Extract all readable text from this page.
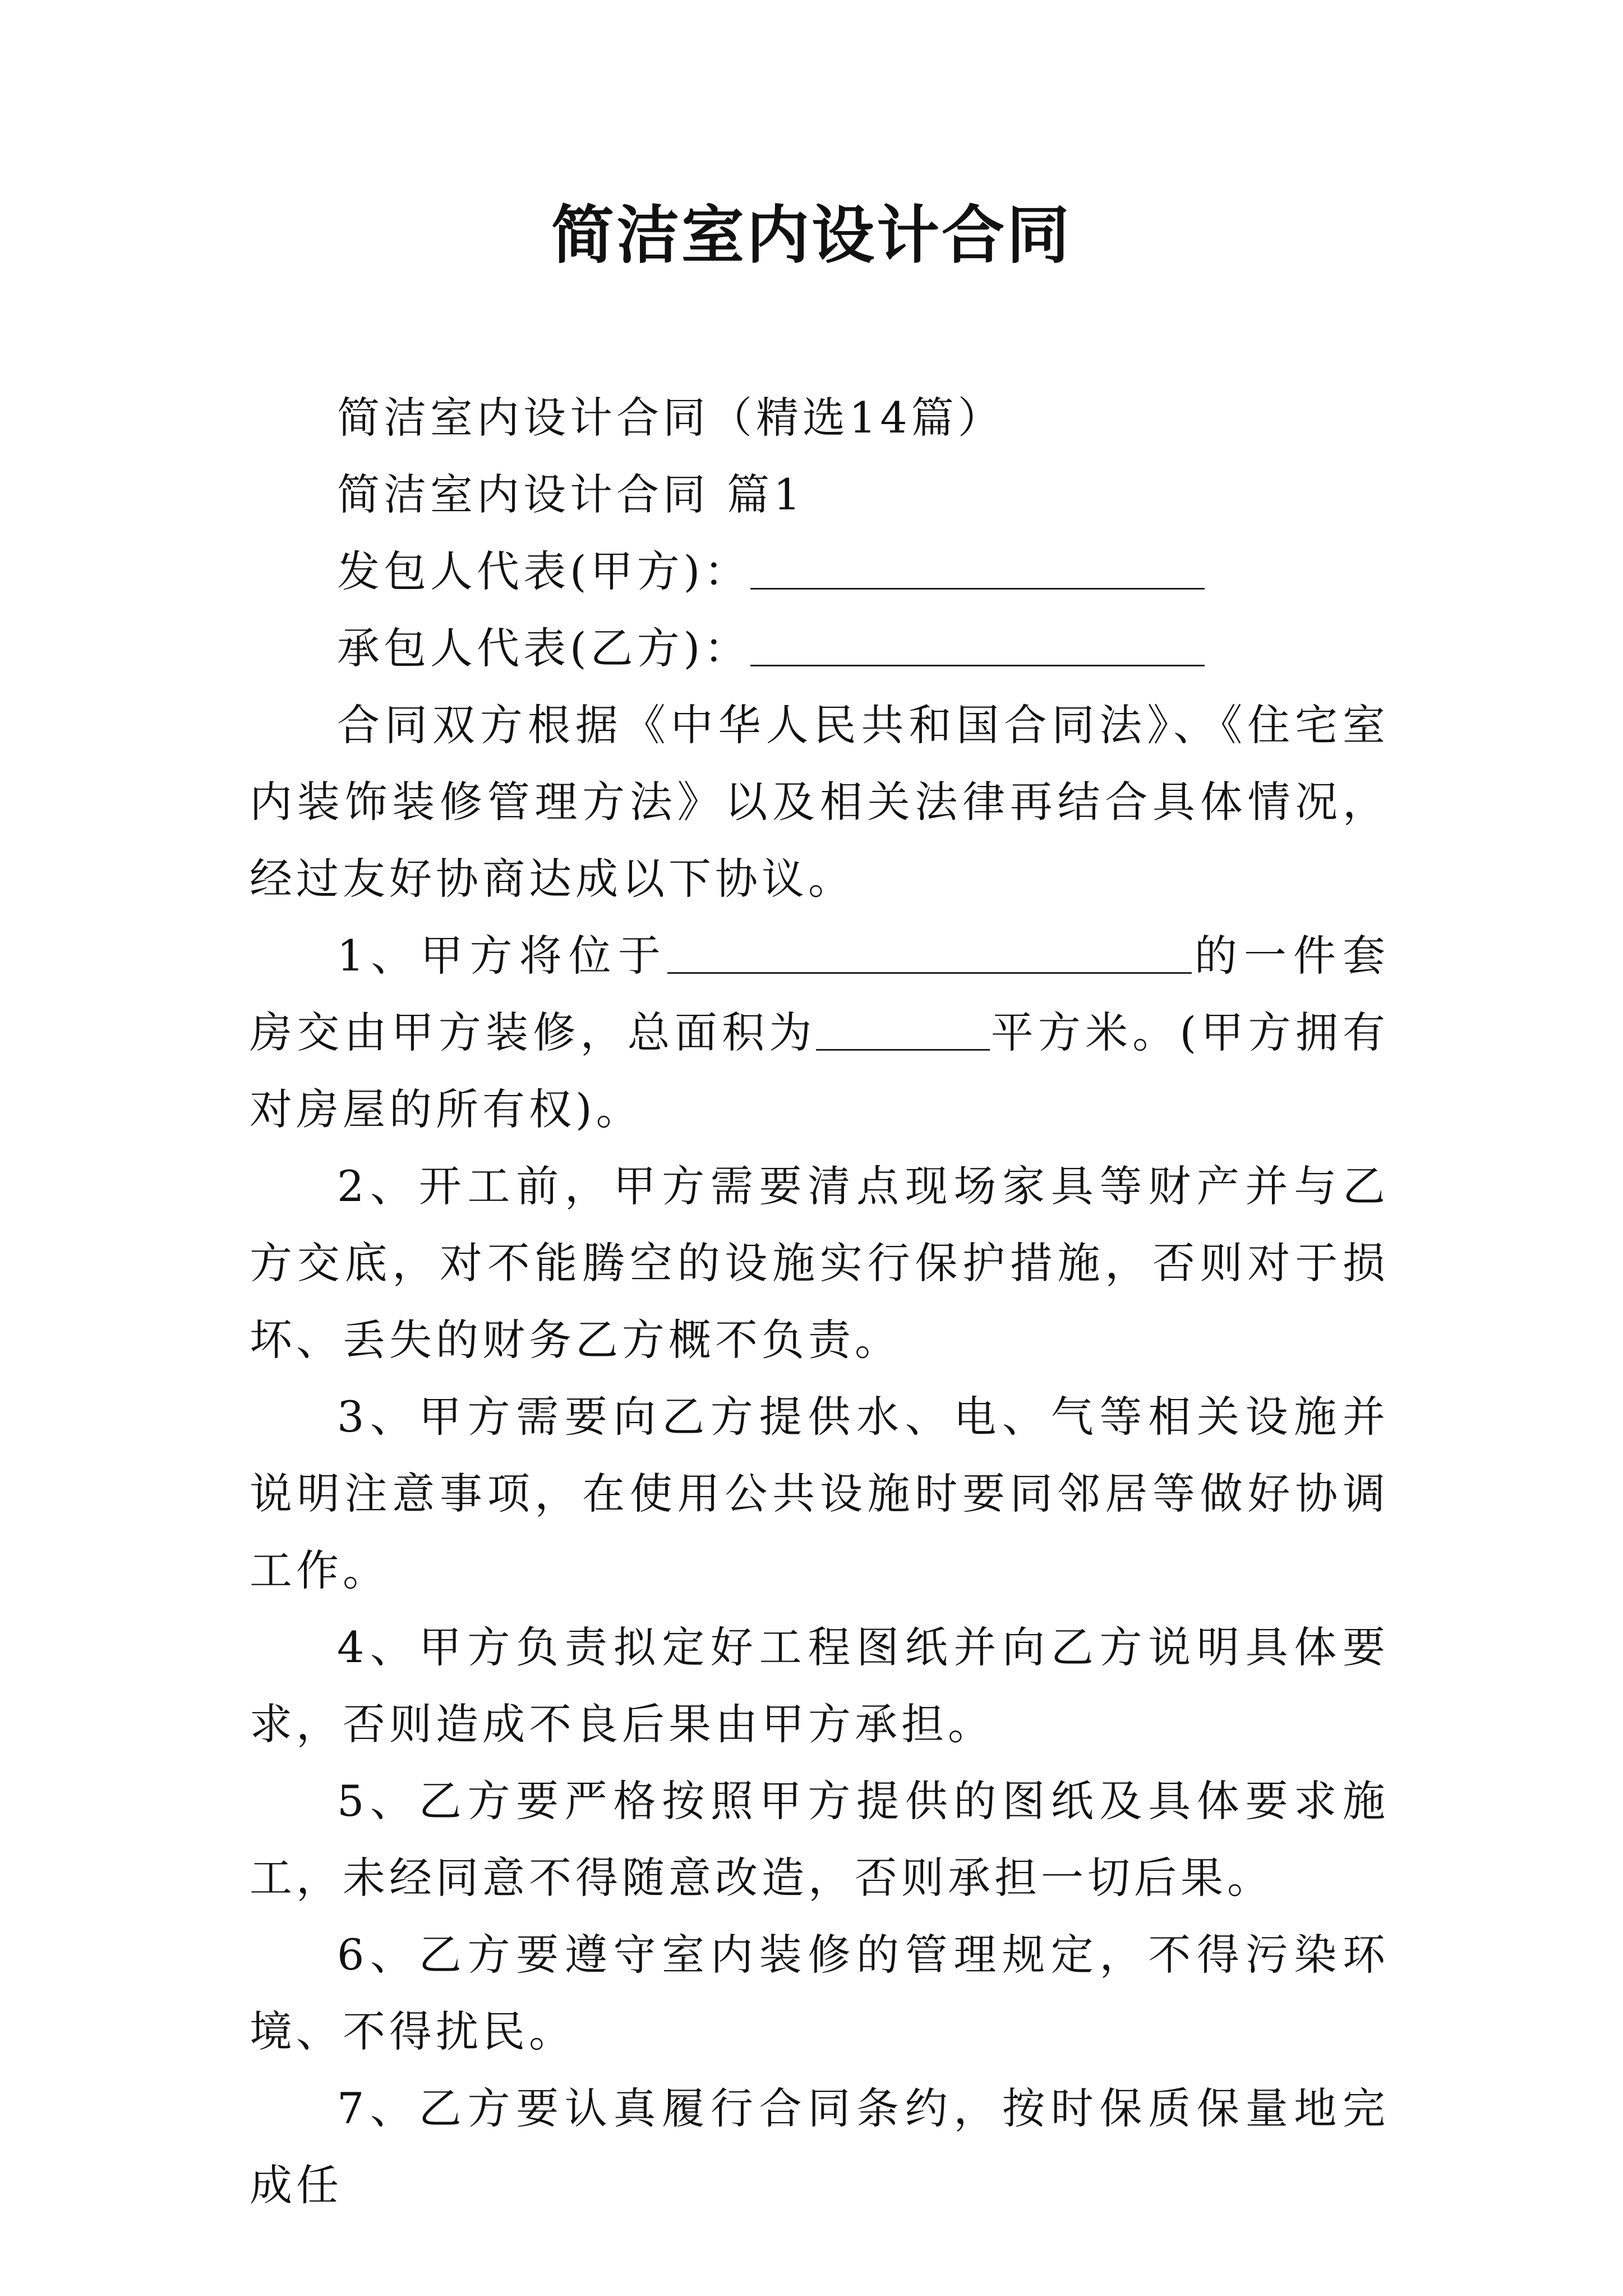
简洁室内设计合同

简洁室内设计合同（精选14篇）

简洁室内设计合同 篇1

发包人代表(甲方)：

承包人代表(乙方)：

合同双方根据《中华人民共和国合同法》、《住宅室内装饰装修管理方法》以及相关法律再结合具体情况，经过友好协商达成以下协议。

1、甲方将位于	的一件套房交由甲方装修，总面积为	平方米。(甲方拥有对房屋的所有权)。

2、开工前，甲方需要清点现场家具等财产并与乙方交底，对不能腾空的设施实行保护措施，否则对于损坏、丢失的财务乙方概不负责。

3、甲方需要向乙方提供水、电、气等相关设施并说明注意事项，在使用公共设施时要同邻居等做好协调工作。

4、甲方负责拟定好工程图纸并向乙方说明具体要求，否则造成不良后果由甲方承担。

5、乙方要严格按照甲方提供的图纸及具体要求施工，未经同意不得随意改造，否则承担一切后果。

6、乙方要遵守室内装修的管理规定，不得污染环境、不得扰民。

7、乙方要认真履行合同条约，按时保质保量地完成任
